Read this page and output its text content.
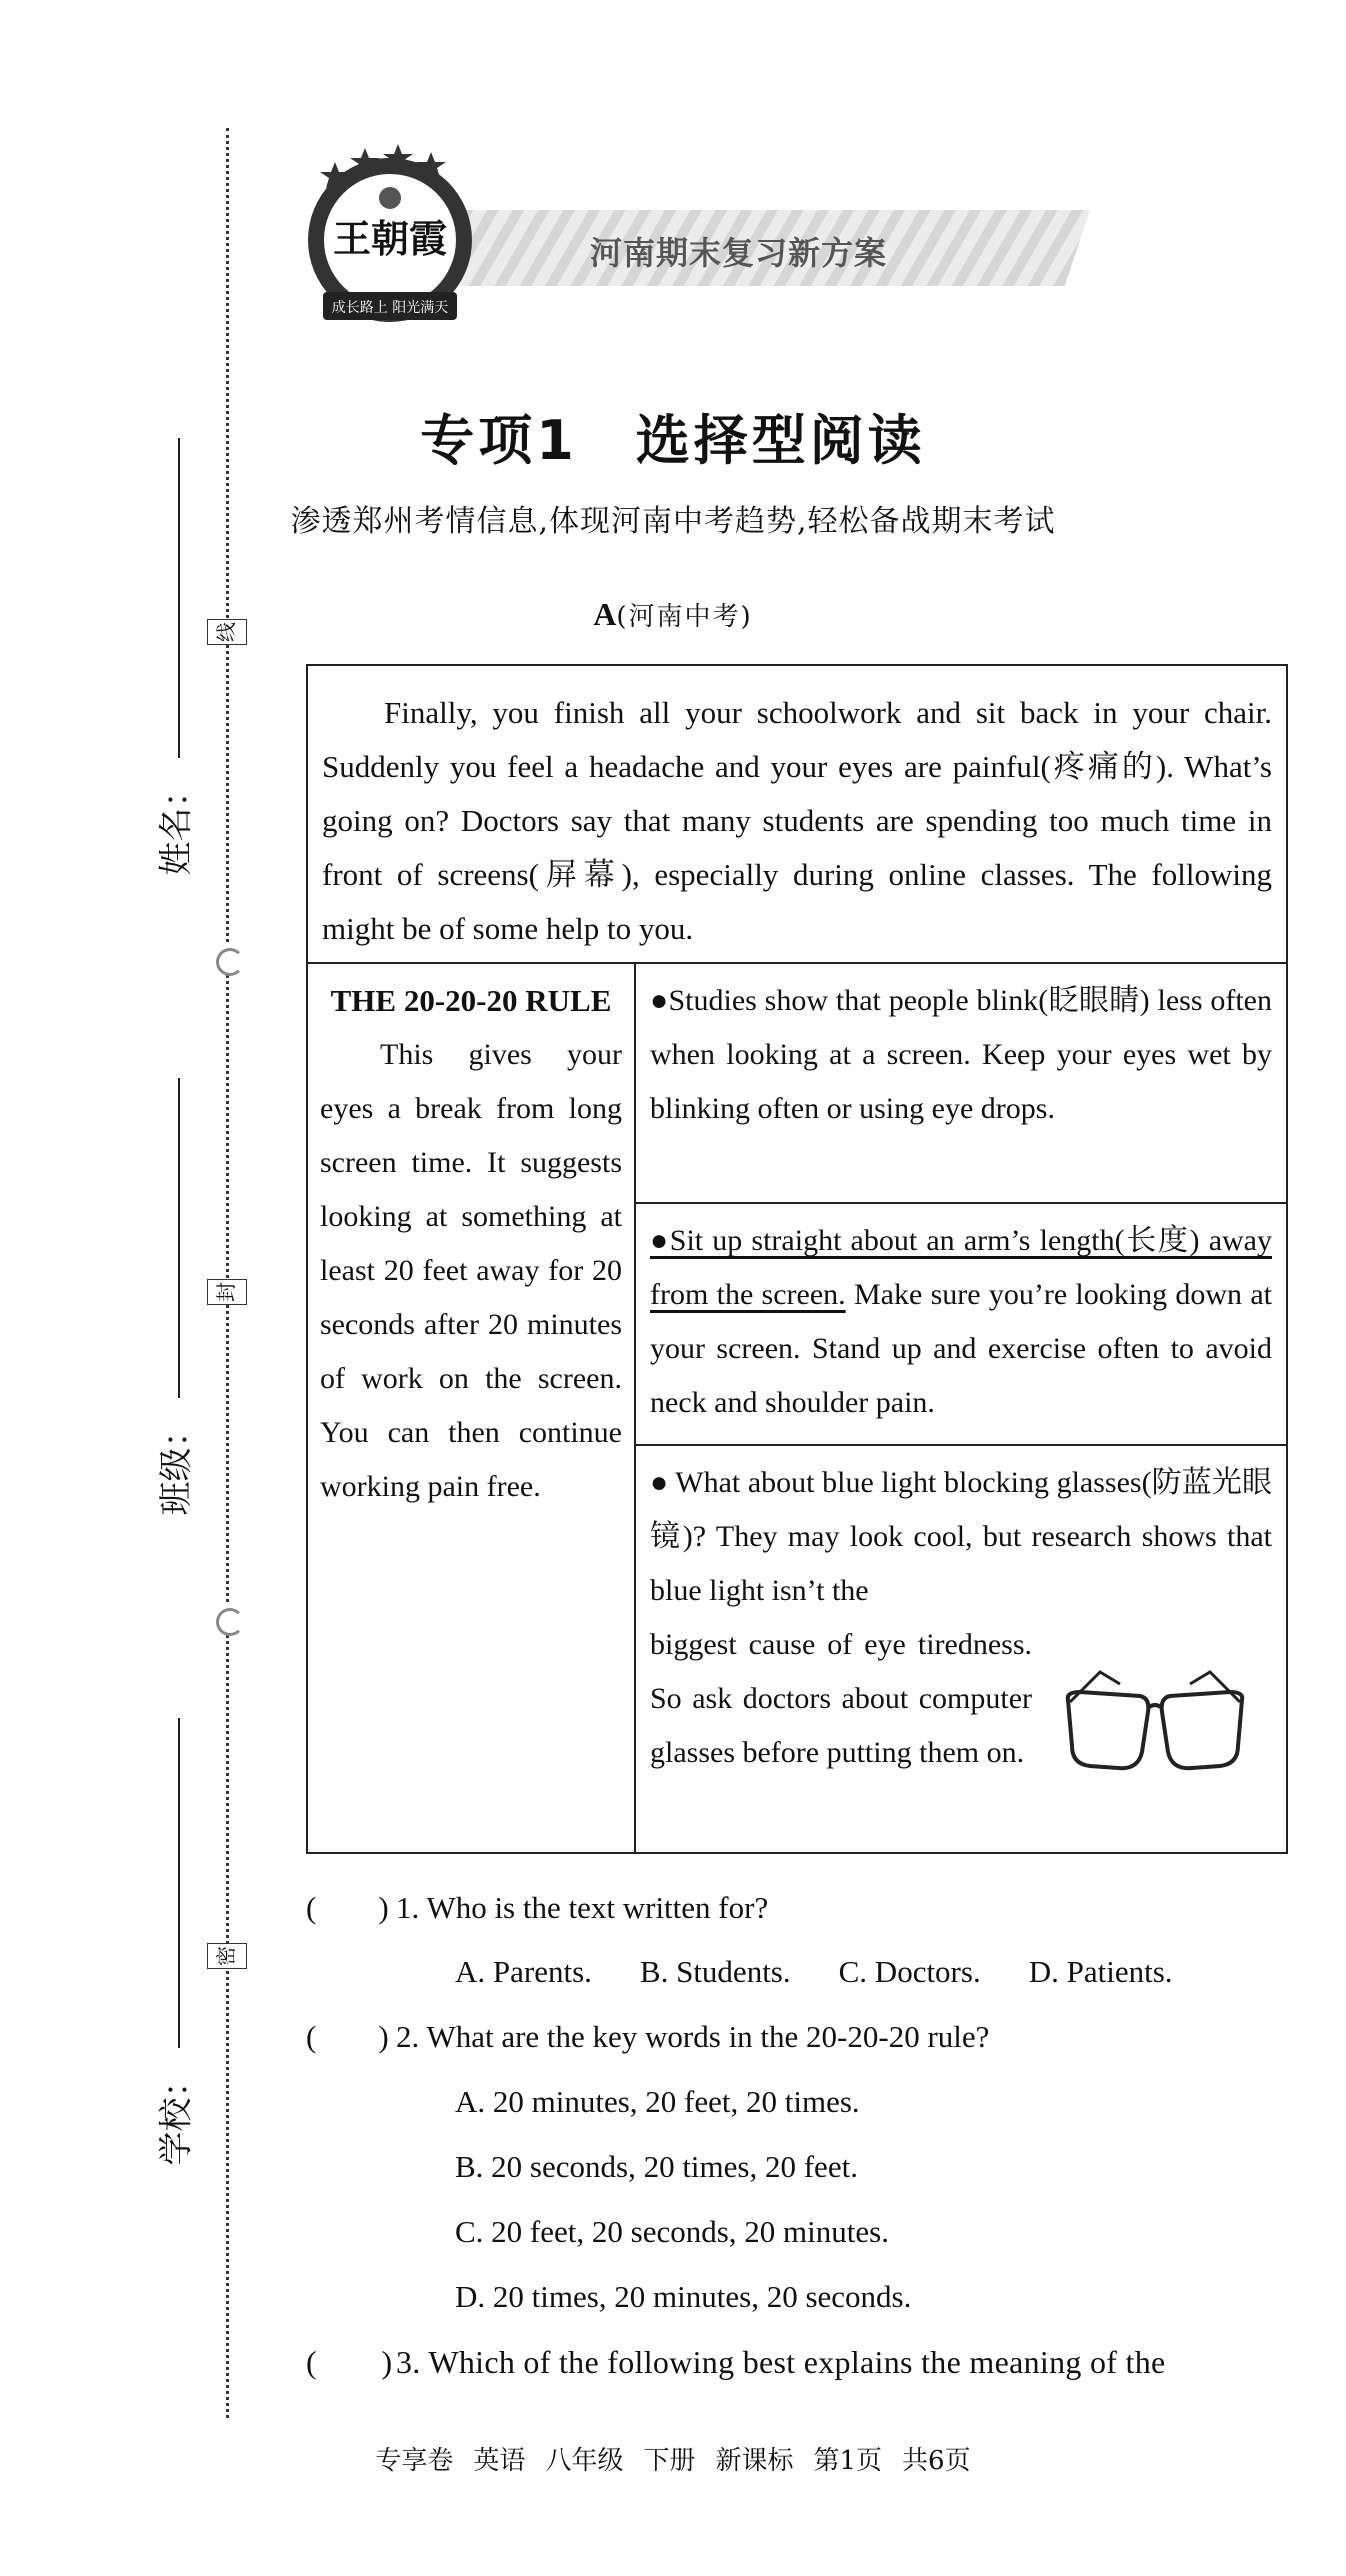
线
封
密
姓名：
班级：
学校：
河南期末复习新方案
王朝霞
成长路上 阳光满天
专项1　选择型阅读
渗透郑州考情信息,体现河南中考趋势,轻松备战期末考试
A(河南中考)
Finally, you finish all your schoolwork and sit back in your chair. Suddenly you feel a headache and your eyes are painful(疼痛的). What’s going on? Doctors say that many students are spending too much time in front of screens(屏幕), especially during online classes. The following might be of some help to you.
THE 20-20-20 RULE
This gives your eyes a break from long screen time. It suggests looking at something at least 20 feet away for 20 seconds after 20 minutes of work on the screen. You can then continue working pain free.
●Studies show that people blink(眨眼睛) less often when looking at a screen. Keep your eyes wet by blinking often or using eye drops.
●Sit up straight about an arm’s length(长度) away from the screen. Make sure you’re looking down at your screen. Stand up and exercise often to avoid neck and shoulder pain.
● What about blue light blocking glasses(防蓝光眼镜)? They may look cool, but research shows that blue light isn’t the
biggest cause of eye tiredness. So ask doctors about computer glasses before putting them on.
(　　) 1. Who is the text written for?
A. Parents. B. Students. C. Doctors. D. Patients.
(　　) 2. What are the key words in the 20-20-20 rule?
A. 20 minutes, 20 feet, 20 times.
B. 20 seconds, 20 times, 20 feet.
C. 20 feet, 20 seconds, 20 minutes.
D. 20 times, 20 minutes, 20 seconds.
(　　) 3. Which of the following best explains the meaning of the
专享卷 英语 八年级 下册 新课标 第1页 共6页
